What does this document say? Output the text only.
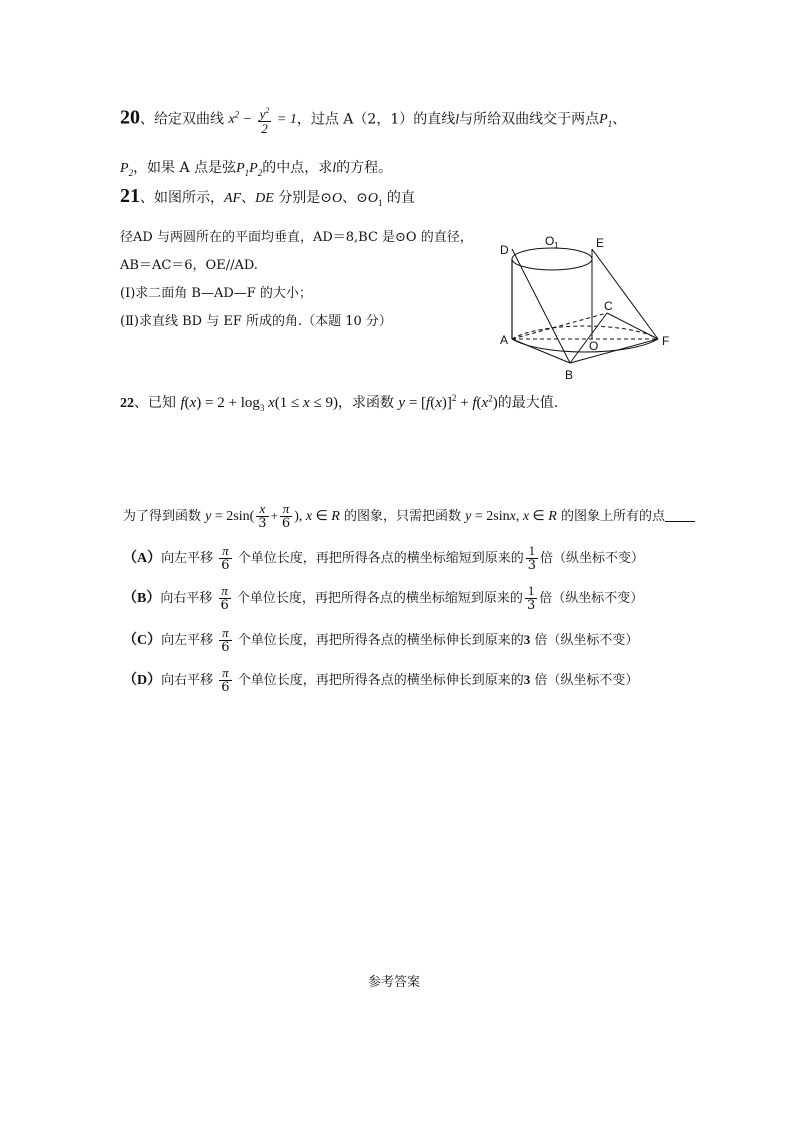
20、给定双曲线 $x^2 - \frac{y^2}{2} = 1$，过点 A（2，1）的直线l与所给双曲线交于两点$P_1$、
$P_2$，如果 A 点是弦$P_1P_2$的中点，求l的方程。
21、如图所示，AF、DE 分别是⊙O、$⊙O_1$ 的直
径AD 与两圆所在的平面均垂直，AD＝8,BC 是⊙O 的直径，
AB＝AC＝6，OE//AD.
(Ⅰ)求二面角 B—AD—F 的大小；
(Ⅱ)求直线 BD 与 EF 所成的角.（本题 10 分）
D
O 1	E
C
A	O	F
B
22、已知 $f(x) = 2 + \log_3 x(1 \le x \le 9)$，求函数 $y = [f(x)]^2 + f(x^2)$的最大值.
为了得到函数 $y = 2\sin( \frac{x}{3} + \frac{\pi}{6}$ ), x ∈ R 的图象，只需把函数 y = 2sinx, x ∈ R 的图象上所有的点
（A）向左平移 $\frac{\pi}{6}$ 个单位长度，再把所得各点的横坐标缩短到原来的 $\frac{1}{3}$ 倍（纵坐标不变）
（B）向右平移 $\frac{\pi}{6}$ 个单位长度，再把所得各点的横坐标缩短到原来的 $\frac{1}{3}$ 倍（纵坐标不变）
（C）向左平移 $\frac{\pi}{6}$ 个单位长度，再把所得各点的横坐标伸长到原来的3 倍（纵坐标不变）
（D）向右平移 $\frac{\pi}{6}$ 个单位长度，再把所得各点的横坐标伸长到原来的3 倍（纵坐标不变）
参考答案
